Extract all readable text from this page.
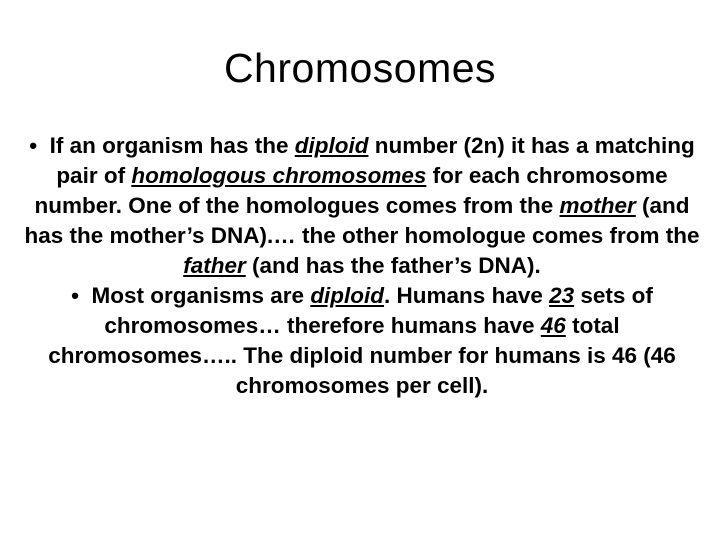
Chromosomes
• If an organism has the diploid number (2n) it has a matching pair of homologous chromosomes for each chromosome number. One of the homologues comes from the mother (and has the mother’s DNA).… the other homologue comes from the father (and has the father’s DNA).
• Most organisms are diploid. Humans have 23 sets of chromosomes… therefore humans have 46 total chromosomes….. The diploid number for humans is 46 (46 chromosomes per cell).
